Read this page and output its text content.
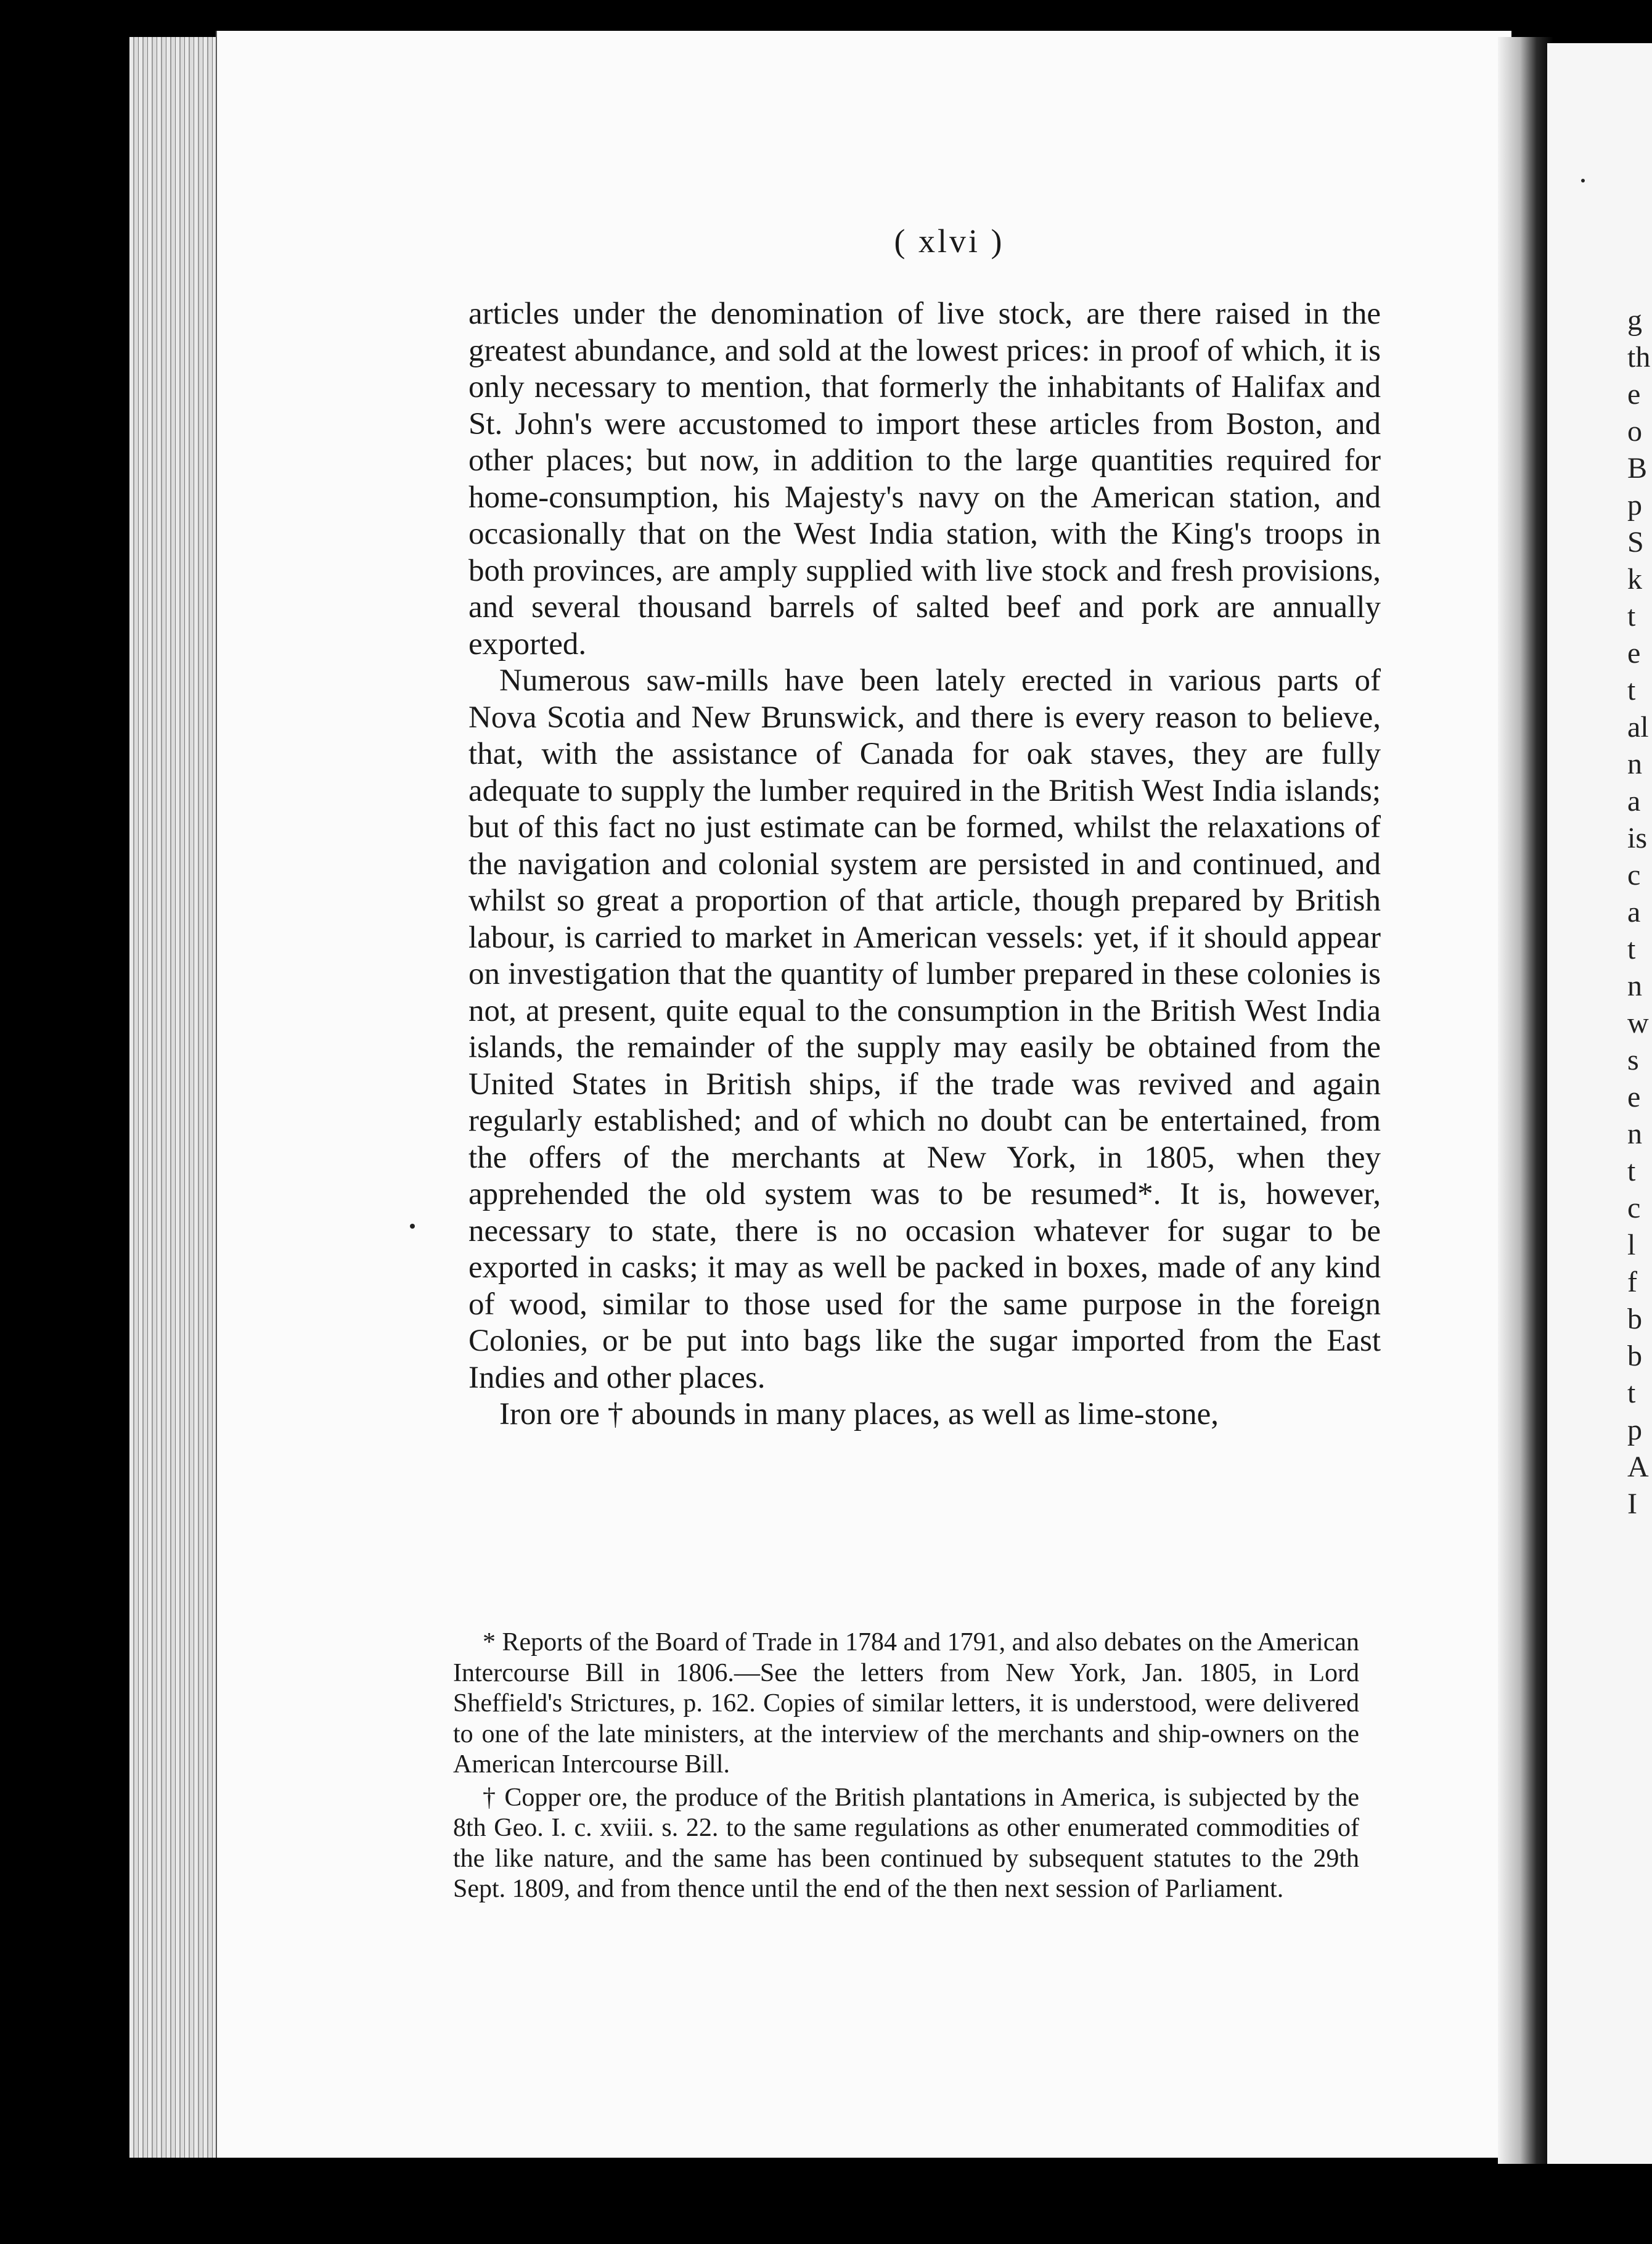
( xlvi )

articles under the denomination of live stock, are there raised in the greatest abundance, and sold at the lowest prices: in proof of which, it is only necessary to mention, that formerly the inhabitants of Halifax and St. John's were accustomed to import these articles from Boston, and other places; but now, in addition to the large quantities required for home-consumption, his Majesty's navy on the American station, and occasionally that on the West India station, with the King's troops in both provinces, are amply supplied with live stock and fresh provisions, and several thousand barrels of salted beef and pork are annually exported.

Numerous saw-mills have been lately erected in various parts of Nova Scotia and New Brunswick, and there is every reason to believe, that, with the assistance of Canada for oak staves, they are fully adequate to supply the lumber required in the British West India islands; but of this fact no just estimate can be formed, whilst the relaxations of the navigation and colonial system are persisted in and continued, and whilst so great a proportion of that article, though prepared by British labour, is carried to market in American vessels: yet, if it should appear on investigation that the quantity of lumber prepared in these colonies is not, at present, quite equal to the consumption in the British West India islands, the remainder of the supply may easily be obtained from the United States in British ships, if the trade was revived and again regularly established; and of which no doubt can be entertained, from the offers of the merchants at New York, in 1805, when they apprehended the old system was to be resumed*. It is, however, necessary to state, there is no occasion whatever for sugar to be exported in casks; it may as well be packed in boxes, made of any kind of wood, similar to those used for the same purpose in the foreign Colonies, or be put into bags like the sugar imported from the East Indies and other places.

Iron ore † abounds in many places, as well as lime-stone,

* Reports of the Board of Trade in 1784 and 1791, and also debates on the American Intercourse Bill in 1806.—See the letters from New York, Jan. 1805, in Lord Sheffield's Strictures, p. 162. Copies of similar letters, it is understood, were delivered to one of the late ministers, at the interview of the merchants and ship-owners on the American Intercourse Bill.

† Copper ore, the produce of the British plantations in America, is subjected by the 8th Geo. I. c. xviii. s. 22. to the same regulations as other enumerated commodities of the like nature, and the same has been continued by subsequent statutes to the 29th Sept. 1809, and from thence until the end of the then next session of Parliament.

g
th
e
o
B
p
S
k
t
e
t
al
n
a
is
c
a
t
n
w
s
e
n
t
c
l
f
b
b
t
p
A
I
